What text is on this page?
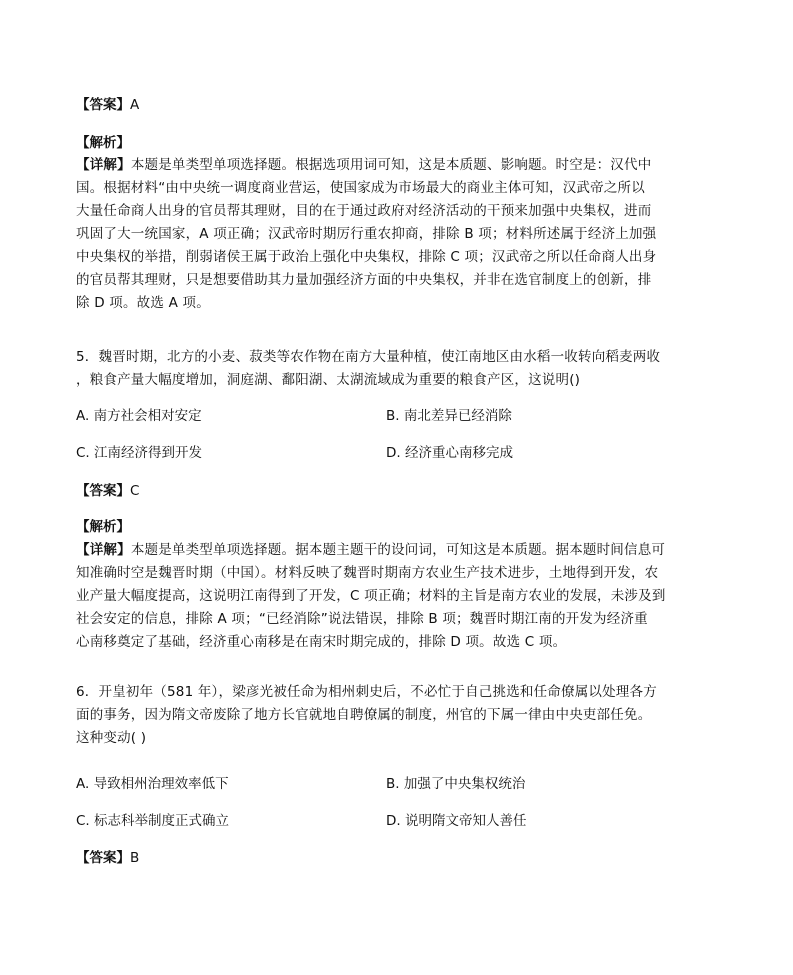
【答案】A
【解析】
【详解】本题是单类型单项选择题。根据选项用词可知，这是本质题、影响题。时空是：汉代中
国。根据材料“由中央统一调度商业营运，使国家成为市场最大的商业主体可知，汉武帝之所以
大量任命商人出身的官员帮其理财，目的在于通过政府对经济活动的干预来加强中央集权，进而
巩固了大一统国家，A 项正确；汉武帝时期厉行重农抑商，排除 B 项；材料所述属于经济上加强
中央集权的举措，削弱诸侯王属于政治上强化中央集权，排除 C 项；汉武帝之所以任命商人出身
的官员帮其理财，只是想要借助其力量加强经济方面的中央集权，并非在选官制度上的创新，排
除 D 项。故选 A 项。
5．魏晋时期，北方的小麦、菽类等农作物在南方大量种植，使江南地区由水稻一收转向稻麦两收
，粮食产量大幅度增加，洞庭湖、鄱阳湖、太湖流域成为重要的粮食产区，这说明()
A. 南方社会相对安定	B. 南北差异已经消除
C. 江南经济得到开发	D. 经济重心南移完成
【答案】C
【解析】
【详解】本题是单类型单项选择题。据本题主题干的设问词，可知这是本质题。据本题时间信息可
知准确时空是魏晋时期（中国）。材料反映了魏晋时期南方农业生产技术进步，土地得到开发，农
业产量大幅度提高，这说明江南得到了开发，C 项正确；材料的主旨是南方农业的发展，未涉及到
社会安定的信息，排除 A 项；“已经消除”说法错误，排除 B 项；魏晋时期江南的开发为经济重
心南移奠定了基础，经济重心南移是在南宋时期完成的，排除 D 项。故选 C 项。
6．开皇初年（581 年），梁彦光被任命为相州刺史后，不必忙于自己挑选和任命僚属以处理各方
面的事务，因为隋文帝废除了地方长官就地自聘僚属的制度，州官的下属一律由中央吏部任免。
这种变动( )
A. 导致相州治理效率低下	B. 加强了中央集权统治
C. 标志科举制度正式确立	D. 说明隋文帝知人善任
【答案】B
